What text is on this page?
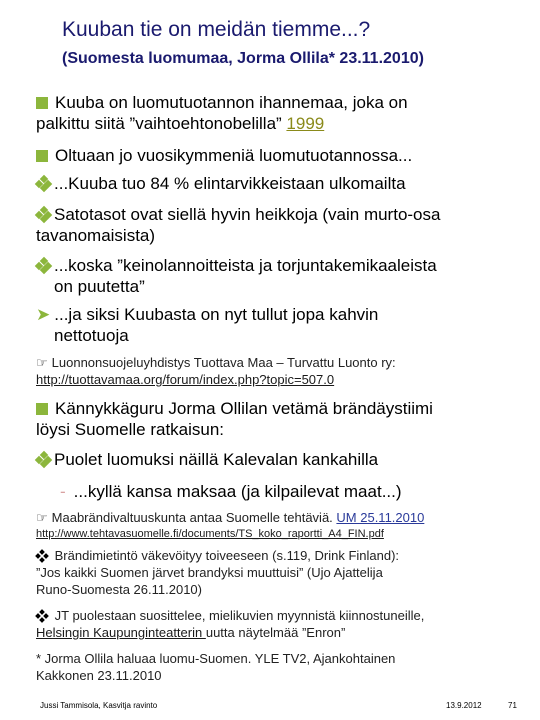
Kuuban tie on meidän tiemme...?
(Suomesta luomumaa, Jorma Ollila* 23.11.2010)
Kuuba on luomutuotannon ihannemaa, joka on
palkittu siitä ”vaihtoehtonobelilla” 1999
Oltuaan jo vuosikymmeniä luomutuotannossa...
...Kuuba tuo 84 % elintarvikkeistaan ulkomailta
Satotasot ovat siellä hyvin heikkoja (vain murto-osa
tavanomaisista)
...koska ”keinolannoitteista ja torjuntakemikaaleista
on puutetta”
➤ ...ja siksi Kuubasta on nyt tullut jopa kahvin
nettotuoja
☞ Luonnonsuojeluyhdistys Tuottava Maa – Turvattu Luonto ry:
http://tuottavamaa.org/forum/index.php?topic=507.0
Kännykkäguru Jorma Ollilan vetämä brändäystiimi
löysi Suomelle ratkaisun:
Puolet luomuksi näillä Kalevalan kankahilla
- ...kyllä kansa maksaa (ja kilpailevat maat...)
☞ Maabrändivaltuuskunta antaa Suomelle tehtäviä. UM 25.11.2010
http://www.tehtavasuomelle.fi/documents/TS_koko_raportti_A4_FIN.pdf
Brändimietintö väkevöityy toiveeseen (s.119, Drink Finland):
”Jos kaikki Suomen järvet brandyksi muuttuisi” (Ujo Ajattelija
Runo-Suomesta 26.11.2010)
JT puolestaan suosittelee, mielikuvien myynnistä kiinnostuneille,
Helsingin Kaupunginteatterin uutta näytelmää ”Enron”
* Jorma Ollila haluaa luomu-Suomen. YLE TV2, Ajankohtainen
Kakkonen 23.11.2010
Jussi Tammisola, Kasvitja ravinto	13.9.2012	71
